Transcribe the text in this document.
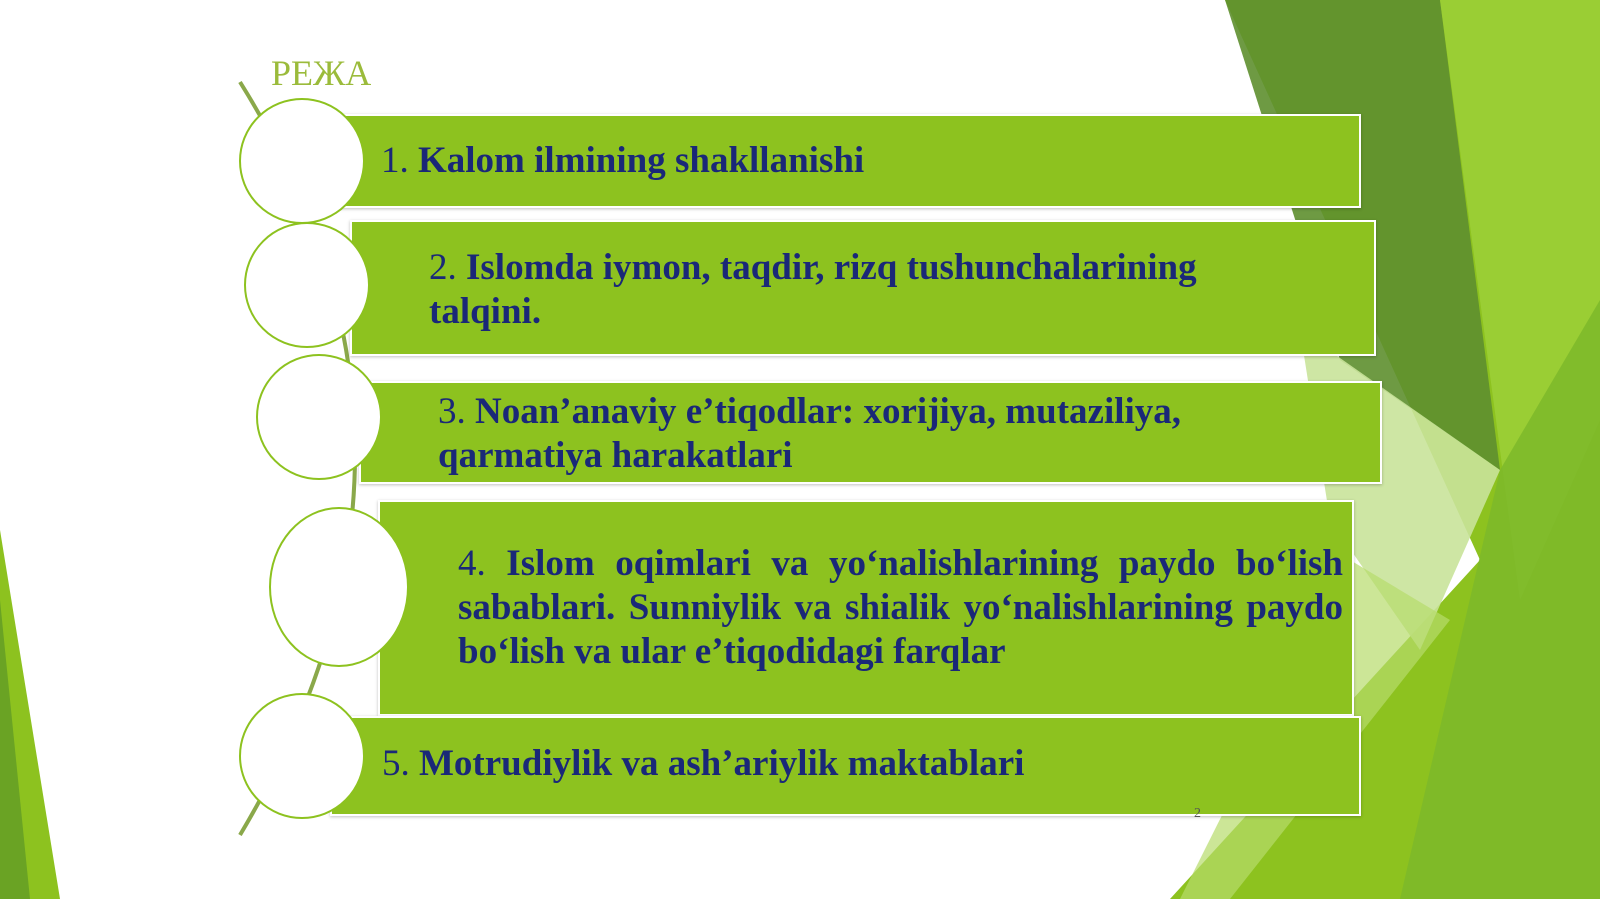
РЕЖА
1. Kalom ilmining shakllanishi
2. Islomda iymon, taqdir, rizq tushunchalarining talqini.
3. Noan’anaviy e’tiqodlar: xorijiya, mutaziliya, qarmatiya harakatlari
4. Islom oqimlari va yo‘nalishlarining paydo bo‘lish sabablari. Sunniylik va shialik yo‘nalishlarining paydo bo‘lish va ular e’tiqodidagi farqlar
5. Motrudiylik va ash’ariylik maktablari
2
